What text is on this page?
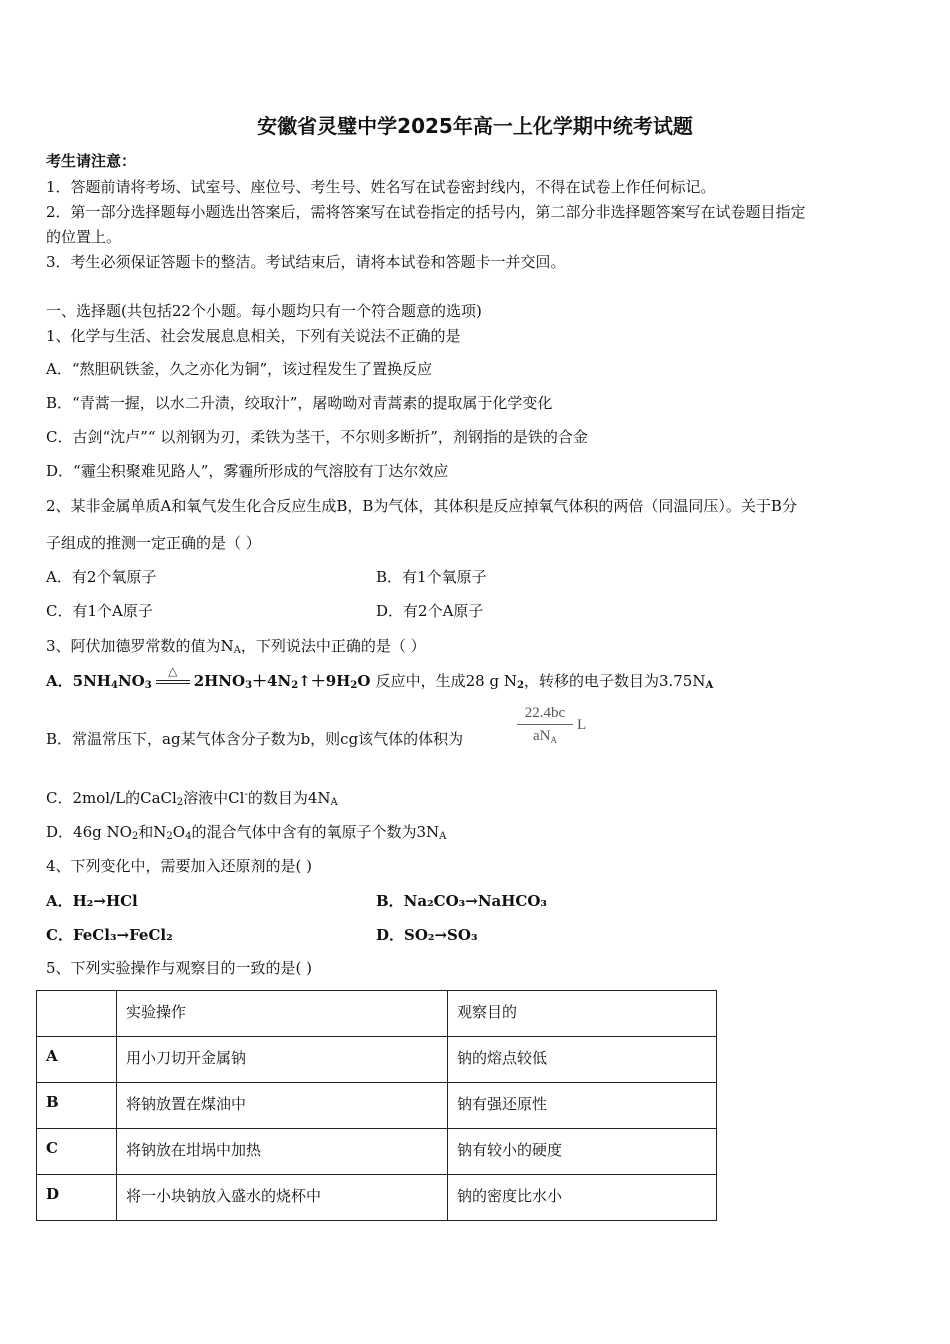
安徽省灵璧中学2025年高一上化学期中统考试题
考生请注意：
1．答题前请将考场、试室号、座位号、考生号、姓名写在试卷密封线内，不得在试卷上作任何标记。
2．第一部分选择题每小题选出答案后，需将答案写在试卷指定的括号内，第二部分非选择题答案写在试卷题目指定
的位置上。
3．考生必须保证答题卡的整洁。考试结束后，请将本试卷和答题卡一并交回。
一、选择题(共包括22个小题。每小题均只有一个符合题意的选项)
1、化学与生活、社会发展息息相关，下列有关说法不正确的是
A．“熬胆矾铁釜，久之亦化为铜”，该过程发生了置换反应
B．“青蒿一握，以水二升渍，绞取汁”，屠呦呦对青蒿素的提取属于化学变化
C．古剑“沈卢”“ 以剂钢为刃，柔铁为茎干，不尔则多断折”，剂钢指的是铁的合金
D．“霾尘积聚难见路人”，雾霾所形成的气溶胶有丁达尔效应
2、某非金属单质A和氧气发生化合反应生成B，B为气体，其体积是反应掉氧气体积的两倍（同温同压）。关于B分
子组成的推测一定正确的是（ ）
A．有2个氧原子	B．有1个氧原子
C．有1个A原子	D．有2个A原子
3、阿伏加德罗常数的值为$N_A$，下列说法中正确的是（ ）
A．$5NH_4NO_3$
△
$2HNO_3+4N_2↑+9H_2O$ 反应中，生成28 g $N_2$，转移的电子数目为$3.75N_A$
B．常温常压下，ag某气体含分子数为b，则cg该气体的体积为
22.4bc
$aN_A$
L
C．2mol/L的CaCl$_2$溶液中Cl-的数目为$4N_A$
D．46g $NO_2$和$N_2O_4$的混合气体中含有的氧原子个数为$3N_A$
4、下列变化中，需要加入还原剂的是( )
A．H₂→HCl	B．Na₂CO₃→NaHCO₃
C．FeCl₃→FeCl₂	D．SO₂→SO₃
5、下列实验操作与观察目的一致的是( )
	实验操作	观察目的
A	用小刀切开金属钠	钠的熔点较低
B	将钠放置在煤油中	钠有强还原性
C	将钠放在坩埚中加热	钠有较小的硬度
D	将一小块钠放入盛水的烧杯中	钠的密度比水小
